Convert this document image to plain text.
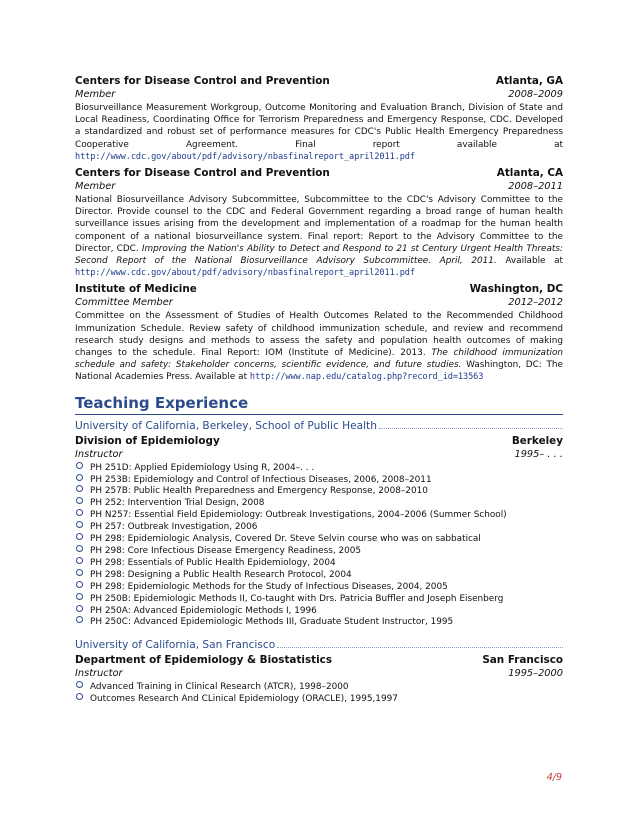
Centers for Disease Control and Prevention	Atlanta, GA
Member	2008–2009

Biosurveillance Measurement Workgroup, Outcome Monitoring and Evaluation Branch, Division of State and Local Readiness, Coordinating Office for Terrorism Preparedness and Emergency Response, CDC. Developed a standardized and robust set of performance measures for CDC's Public Health Emergency Preparedness Cooperative Agreement. Final report available at http://www.cdc.gov/about/pdf/advisory/nbasfinalreport_april2011.pdf

Centers for Disease Control and Prevention	Atlanta, CA
Member	2008–2011

National Biosurveillance Advisory Subcommittee, Subcommittee to the CDC's Advisory Committee to the Director. Provide counsel to the CDC and Federal Government regarding a broad range of human health surveillance issues arising from the development and implementation of a roadmap for the human health component of a national biosurveillance system. Final report: Report to the Advisory Committee to the Director, CDC. Improving the Nation's Ability to Detect and Respond to 21 st Century Urgent Health Threats: Second Report of the National Biosurveillance Advisory Subcommittee. April, 2011. Available at http://www.cdc.gov/about/pdf/advisory/nbasfinalreport_april2011.pdf

Institute of Medicine	Washington, DC
Committee Member	2012–2012

Committee on the Assessment of Studies of Health Outcomes Related to the Recommended Childhood Immunization Schedule. Review safety of childhood immunization schedule, and review and recommend research study designs and methods to assess the safety and population health outcomes of making changes to the schedule. Final Report: IOM (Institute of Medicine). 2013. The childhood immunization schedule and safety: Stakeholder concerns, scientific evidence, and future studies. Washington, DC: The National Academies Press. Available at http://www.nap.edu/catalog.php?record_id=13563

Teaching Experience
University of California, Berkeley, School of Public Health
Division of Epidemiology	Berkeley
Instructor	1995– . . .
PH 251D: Applied Epidemiology Using R, 2004–. . .
PH 253B: Epidemiology and Control of Infectious Diseases, 2006, 2008–2011
PH 257B: Public Health Preparedness and Emergency Response, 2008–2010
PH 252: Intervention Trial Design, 2008
PH N257: Essential Field Epidemiology: Outbreak Investigations, 2004–2006 (Summer School)
PH 257: Outbreak Investigation, 2006
PH 298: Epidemiologic Analysis, Covered Dr. Steve Selvin course who was on sabbatical
PH 298: Core Infectious Disease Emergency Readiness, 2005
PH 298: Essentials of Public Health Epidemiology, 2004
PH 298: Designing a Public Health Research Protocol, 2004
PH 298: Epidemiologic Methods for the Study of Infectious Diseases, 2004, 2005
PH 250B: Epidemiologic Methods II, Co-taught with Drs. Patricia Buffler and Joseph Eisenberg
PH 250A: Advanced Epidemiologic Methods I, 1996
PH 250C: Advanced Epidemiologic Methods III, Graduate Student Instructor, 1995
University of California, San Francisco
Department of Epidemiology & Biostatistics	San Francisco
Instructor	1995–2000
Advanced Training in Clinical Research (ATCR), 1998–2000
Outcomes Research And CLinical Epidemiology (ORACLE), 1995,1997
4/9
